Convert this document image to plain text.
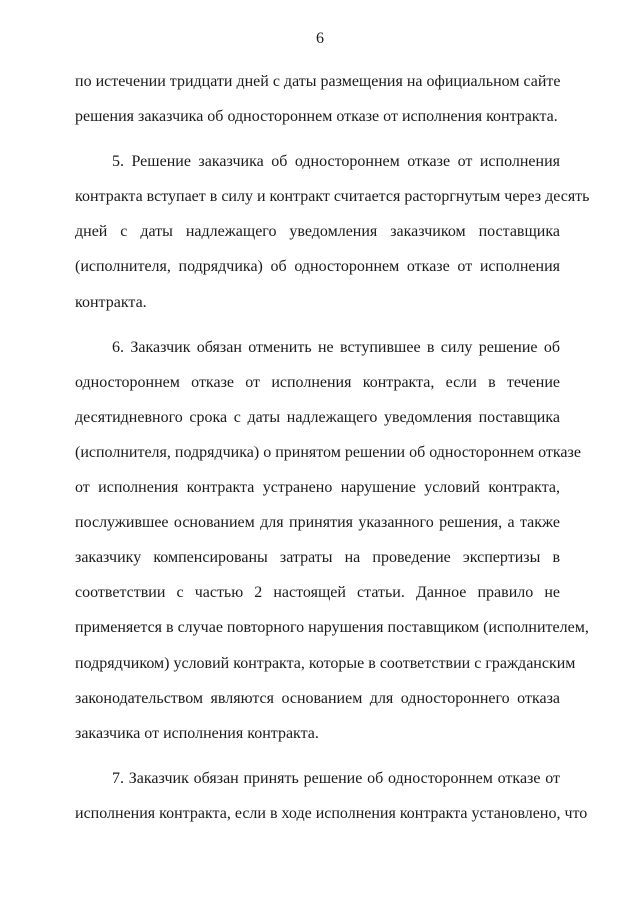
6
по истечении тридцати дней с даты размещения на официальном сайте
решения заказчика об одностороннем отказе от исполнения контракта.
5. Решение заказчика об одностороннем отказе от исполнения
контракта вступает в силу и контракт считается расторгнутым через десять
дней с даты надлежащего уведомления заказчиком поставщика
(исполнителя, подрядчика) об одностороннем отказе от исполнения
контракта.
6. Заказчик обязан отменить не вступившее в силу решение об
одностороннем отказе от исполнения контракта, если в течение
десятидневного срока с даты надлежащего уведомления поставщика
(исполнителя, подрядчика) о принятом решении об одностороннем отказе
от исполнения контракта устранено нарушение условий контракта,
послужившее основанием для принятия указанного решения, а также
заказчику компенсированы затраты на проведение экспертизы в
соответствии с частью 2 настоящей статьи. Данное правило не
применяется в случае повторного нарушения поставщиком (исполнителем,
подрядчиком) условий контракта, которые в соответствии с гражданским
законодательством являются основанием для одностороннего отказа
заказчика от исполнения контракта.
7. Заказчик обязан принять решение об одностороннем отказе от
исполнения контракта, если в ходе исполнения контракта установлено, что
